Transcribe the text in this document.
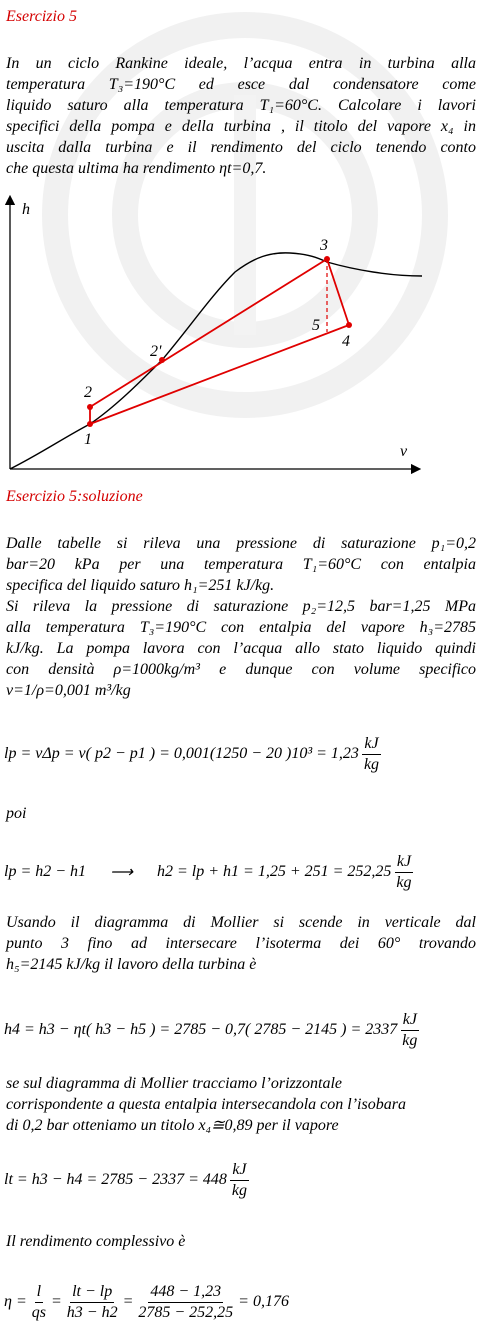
Esercizio 5
In un ciclo Rankine ideale, l’acqua entra in turbina alla
temperatura T₃=190°C ed esce dal condensatore come
liquido saturo alla temperatura T₁=60°C. Calcolare i lavori
specifici della pompa e della turbina , il titolo del vapore x₄ in
uscita dalla turbina e il rendimento del ciclo tenendo conto
che questa ultima ha rendimento ηt=0,7.
h
v
1
2
2'
3
4
5
Esercizio 5:soluzione
Dalle tabelle si rileva una pressione di saturazione p₁=0,2
bar=20 kPa per una temperatura T₁=60°C con entalpia
specifica del liquido saturo h₁=251 kJ/kg.
Si rileva la pressione di saturazione p₂=12,5 bar=1,25 MPa
alla temperatura T₃=190°C con entalpia del vapore h₃=2785
kJ/kg. La pompa lavora con l’acqua allo stato liquido quindi
con densità ρ=1000kg/m³ e dunque con volume specifico
v=1/ρ=0,001 m³/kg
lp = vΔp = v( p2 − p1 ) = 0,001(1250 − 20 )$10^3 = 1,23 \frac{kJ}{kg}$
poi
lp = h2 − h1 ⟶ h2 = lp + $h1 = 1,25 + 251 = 252,25 \frac{kJ}{kg}$
Usando il diagramma di Mollier si scende in verticale dal
punto 3 fino ad intersecare l’isoterma dei 60° trovando
h₅=2145 kJ/kg il lavoro della turbina è
h4 = h3 − ηt( h3 − h5 ) = 2785 − 0,7( 2785 − 2145 ) = $2337 \frac{kJ}{kg}$
se sul diagramma di Mollier tracciamo l’orizzontale
corrispondente a questa entalpia intersecandola con l’isobara
di 0,2 bar otteniamo un titolo x₄≅0,89 per il vapore
lt = $h3 - h4 = 2785 - 2337 = 448 \frac{kJ}{kg}$
Il rendimento complessivo è
$\eta = \frac{l}{qs} = \frac{lt - lp}{h3 - h2} = \frac{448 - 1,23}{2785 - 252,25} = 0,176$
